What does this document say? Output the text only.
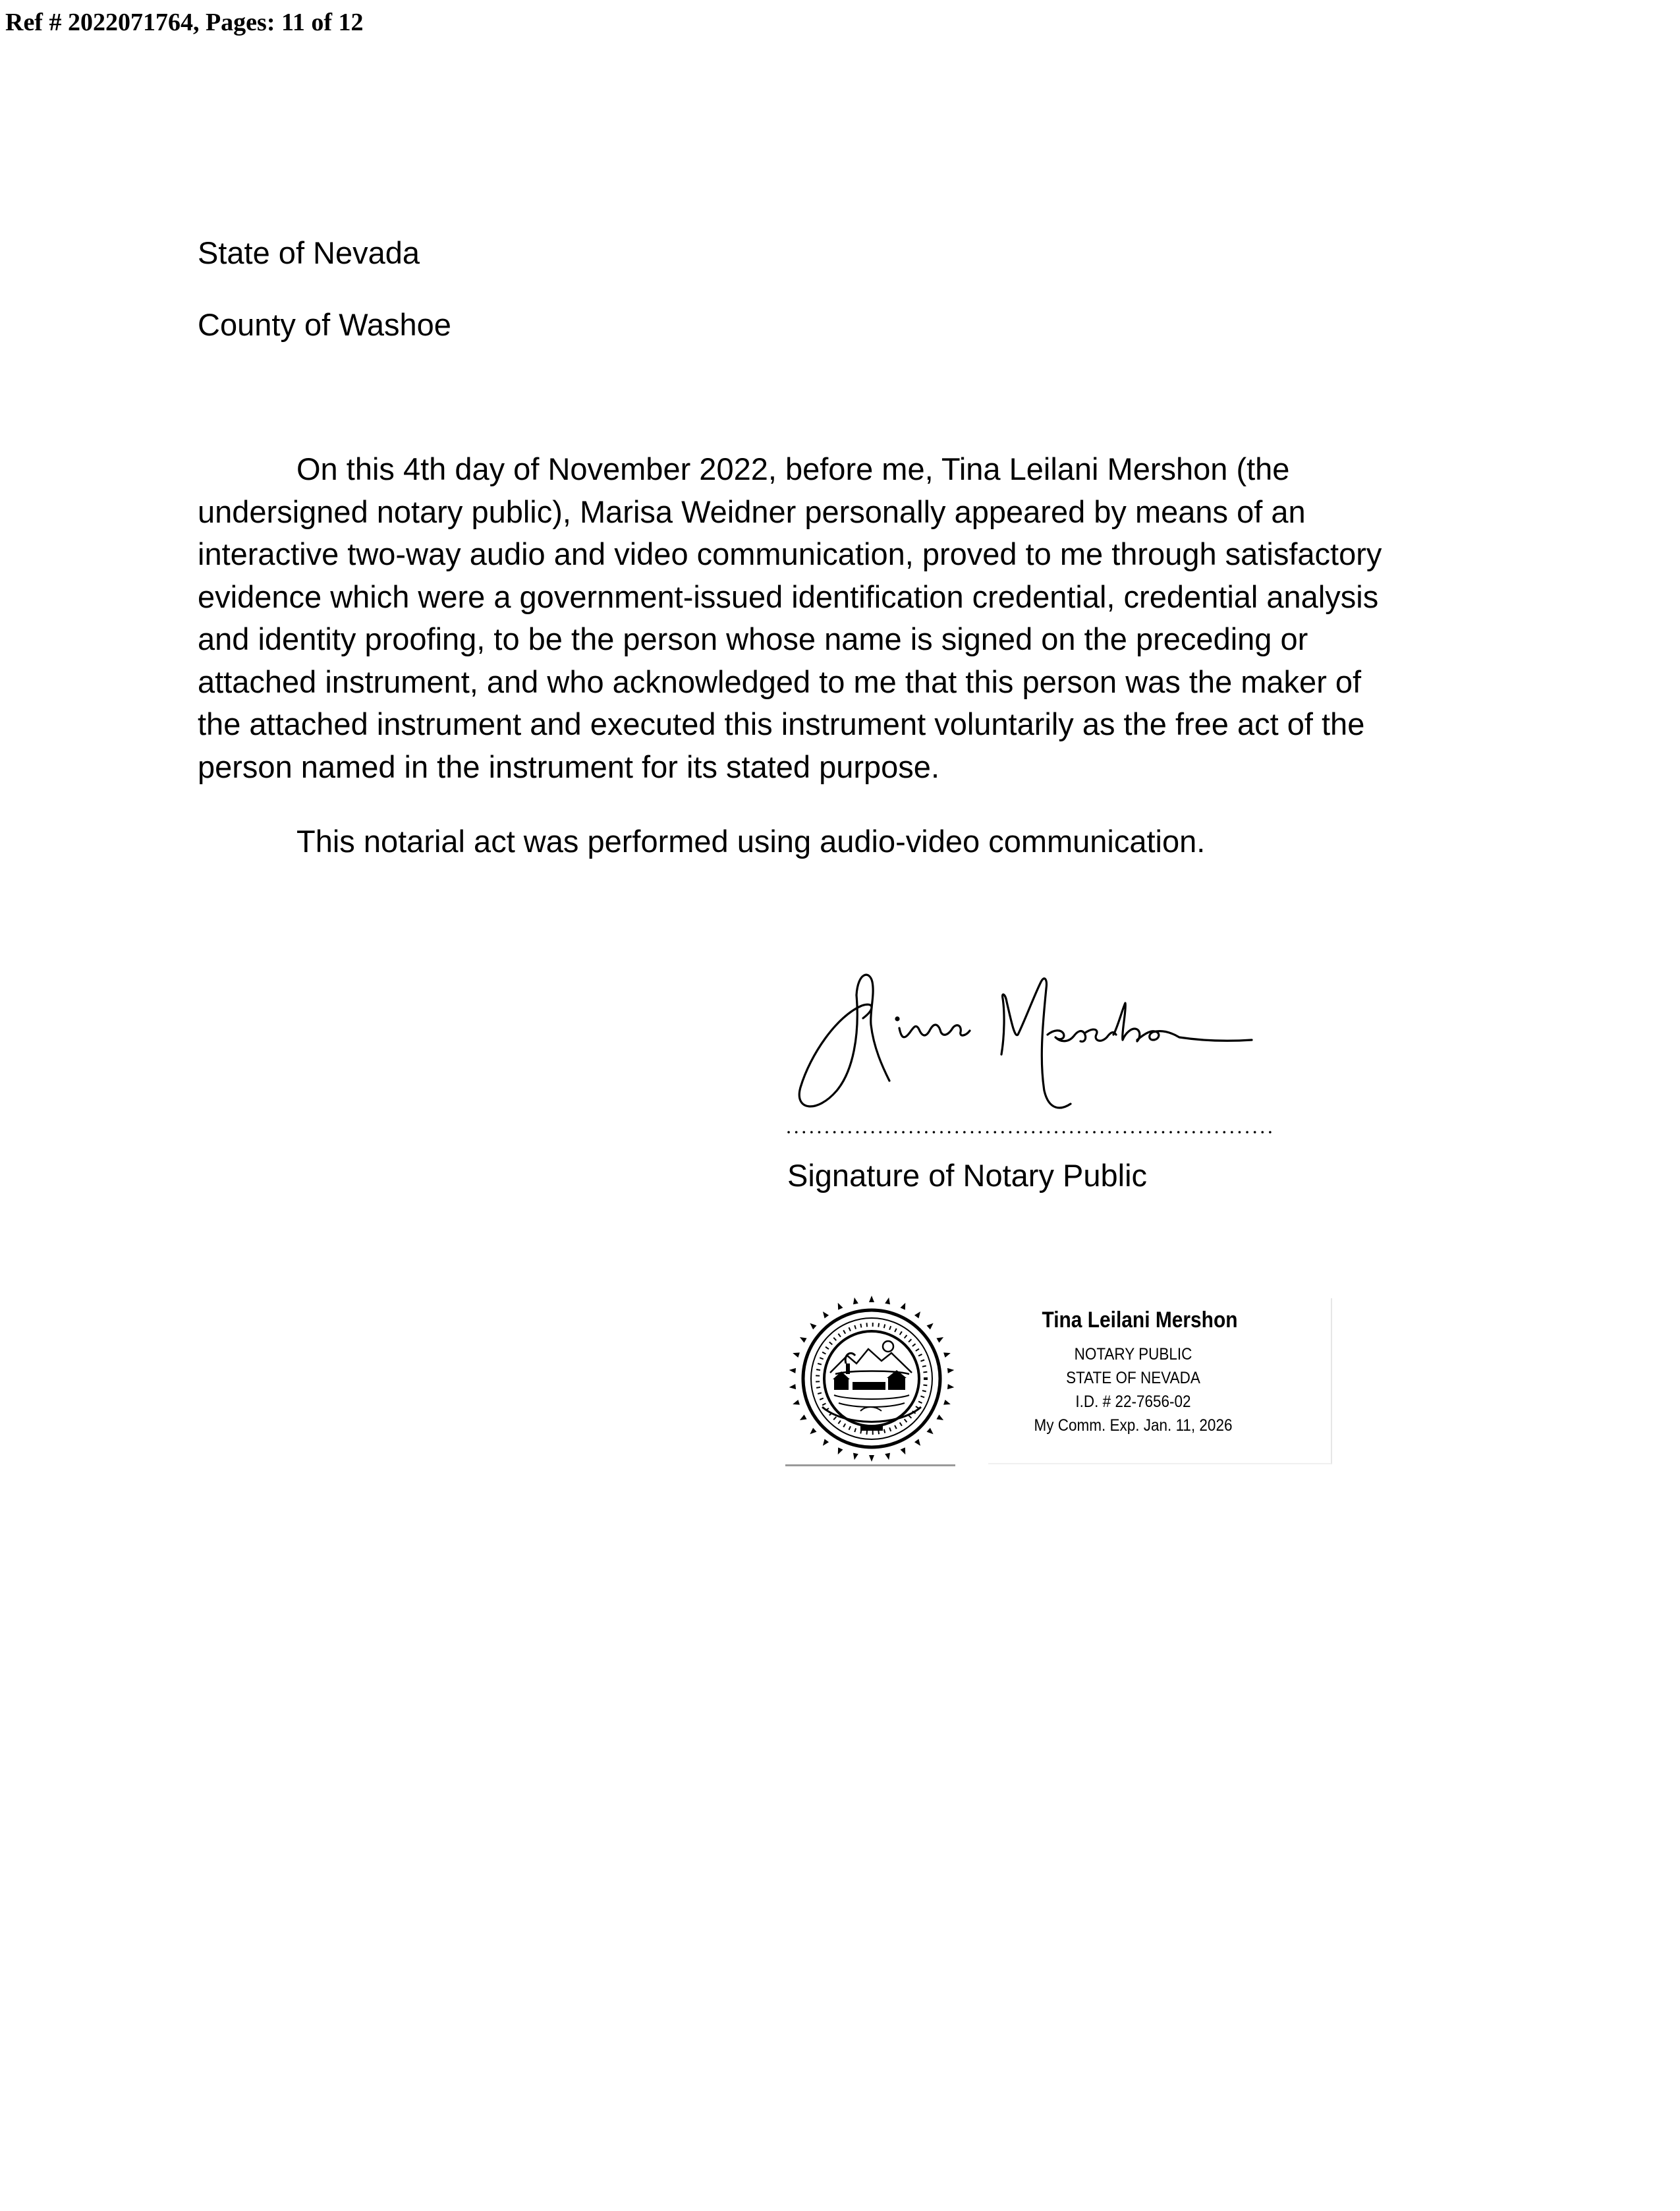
Ref # 2022071764, Pages: 11 of 12
State of Nevada
County of Washoe

On this 4th day of November 2022, before me, Tina Leilani Mershon (the
undersigned notary public), Marisa Weidner personally appeared by means of an
interactive two-way audio and video communication, proved to me through satisfactory
evidence which were a government-issued identification credential, credential analysis
and identity proofing, to be the person whose name is signed on the preceding or
attached instrument, and who acknowledged to me that this person was the maker of
the attached instrument and executed this instrument voluntarily as the free act of the
person named in the instrument for its stated purpose.

This notarial act was performed using audio-video communication.
Signature of Notary Public
Tina Leilani Mershon
NOTARY PUBLIC
STATE OF NEVADA
I.D. # 22-7656-02
My Comm. Exp. Jan. 11, 2026
